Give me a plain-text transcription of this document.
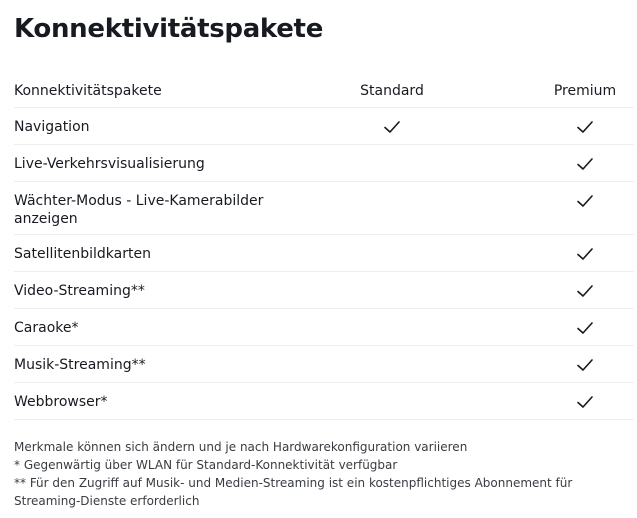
Konnektivitätspakete
Konnektivitätspakete	Standard	Premium
Navigation
Live-Verkehrsvisualisierung
Wächter-Modus - Live-Kamerabilder anzeigen
Satellitenbildkarten
Video-Streaming**
Caraoke*
Musik-Streaming**
Webbrowser*
Merkmale können sich ändern und je nach Hardwarekonfiguration variieren
* Gegenwärtig über WLAN für Standard-Konnektivität verfügbar
** Für den Zugriff auf Musik- und Medien-Streaming ist ein kostenpflichtiges Abonnement für
Streaming-Dienste erforderlich
